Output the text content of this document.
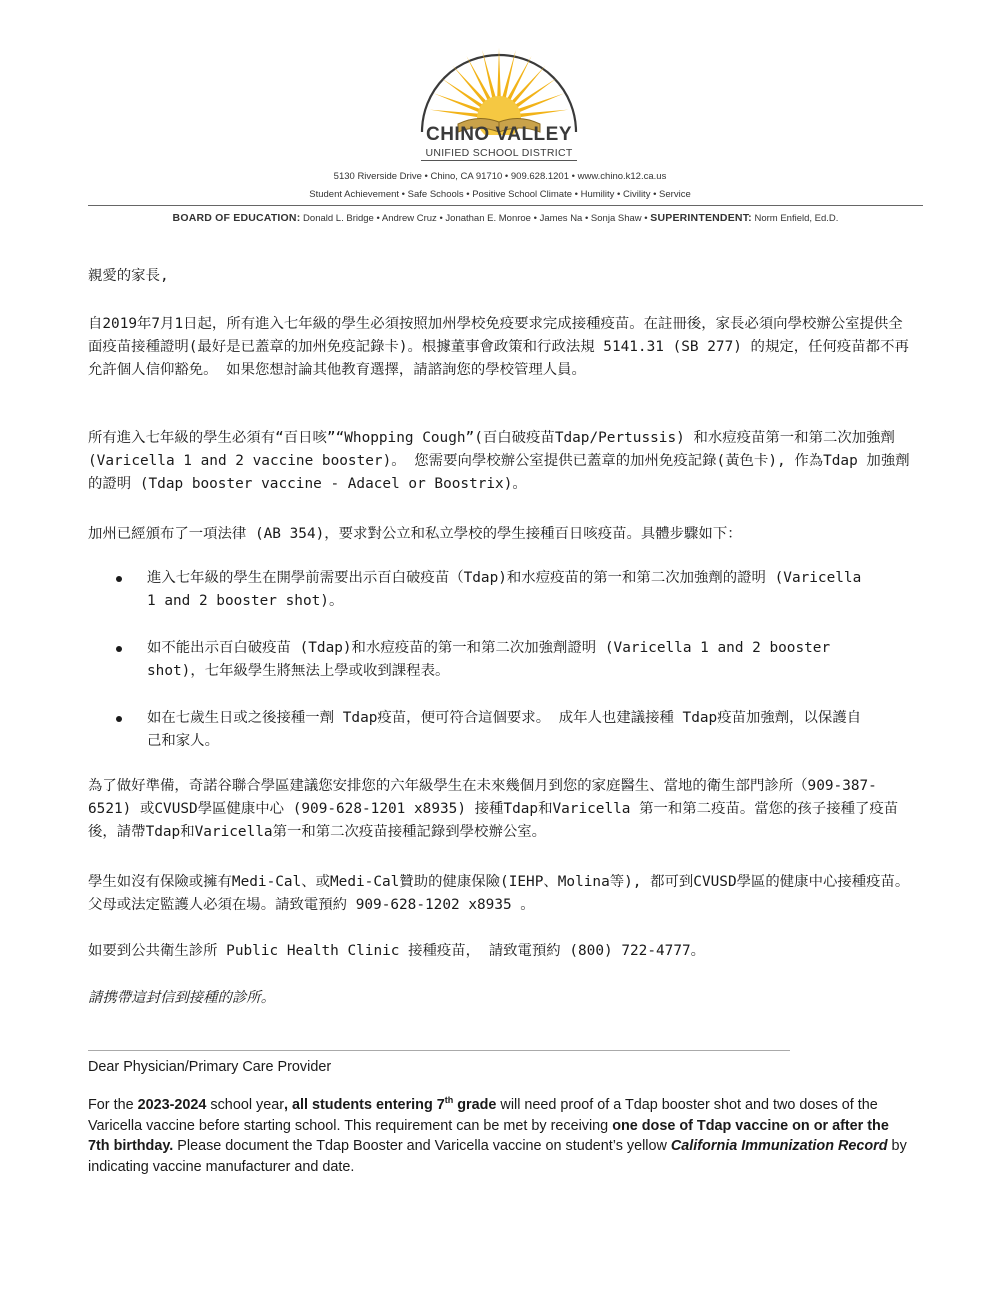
CHINO VALLEY
UNIFIED SCHOOL DISTRICT
5130 Riverside Drive • Chino, CA 91710 • 909.628.1201 • www.chino.k12.ca.us
Student Achievement • Safe Schools • Positive School Climate • Humility • Civility • Service
BOARD OF EDUCATION: Donald L. Bridge • Andrew Cruz • Jonathan E. Monroe • James Na • Sonja Shaw • SUPERINTENDENT: Norm Enfield, Ed.D.

親愛的家長,

自2019年7月1日起，所有進入七年級的學生必須按照加州學校免疫要求完成接種疫苗。在註冊後，家長必須向學校辦公室提供全面疫苗接種證明(最好是已蓋章的加州免疫記錄卡)。根據董事會政策和行政法規 5141.31 (SB 277) 的規定，任何疫苗都不再允許個人信仰豁免。 如果您想討論其他教育選擇，請諮詢您的學校管理人員。

所有進入七年級的學生必須有“百日咳”“Whopping Cough”(百白破疫苗Tdap/Pertussis) 和水痘疫苗第一和第二次加強劑 (Varicella 1 and 2 vaccine booster)。 您需要向學校辦公室提供已蓋章的加州免疫記錄(黃色卡), 作為Tdap 加強劑的證明 (Tdap booster vaccine - Adacel or Boostrix)。

加州已經頒布了一項法律 (AB 354)，要求對公立和私立學校的學生接種百日咳疫苗。具體步驟如下：

進入七年級的學生在開學前需要出示百白破疫苗（Tdap)和水痘疫苗的第一和第二次加強劑的證明 (Varicella 1 and 2 booster shot)。

如不能出示百白破疫苗 (Tdap)和水痘疫苗的第一和第二次加強劑證明 (Varicella 1 and 2 booster shot)，七年級學生將無法上學或收到課程表。

如在七歲生日或之後接種一劑 Tdap疫苗，便可符合這個要求。 成年人也建議接種 Tdap疫苗加強劑，以保護自己和家人。

為了做好準備，奇諾谷聯合學區建議您安排您的六年級學生在未來幾個月到您的家庭醫生、當地的衛生部門診所（909-387-6521) 或CVUSD學區健康中心 (909-628-1201 x8935) 接種Tdap和Varicella 第一和第二疫苗。當您的孩子接種了疫苗後，請帶Tdap和Varicella第一和第二次疫苗接種記錄到學校辦公室。

學生如沒有保險或擁有Medi-Cal、或Medi-Cal贊助的健康保險(IEHP、Molina等), 都可到CVUSD學區的健康中心接種疫苗。父母或法定監護人必須在場。請致電預約 909-628-1202 x8935 。

如要到公共衛生診所 Public Health Clinic 接種疫苗， 請致電預約 (800) 722-4777。

請携帶這封信到接種的診所。

Dear Physician/Primary Care Provider

For the 2023-2024 school year, all students entering 7th grade will need proof of a Tdap booster shot and two doses of the Varicella vaccine before starting school. This requirement can be met by receiving one dose of Tdap vaccine on or after the 7th birthday. Please document the Tdap Booster and Varicella vaccine on student’s yellow California Immunization Record by indicating vaccine manufacturer and date.
